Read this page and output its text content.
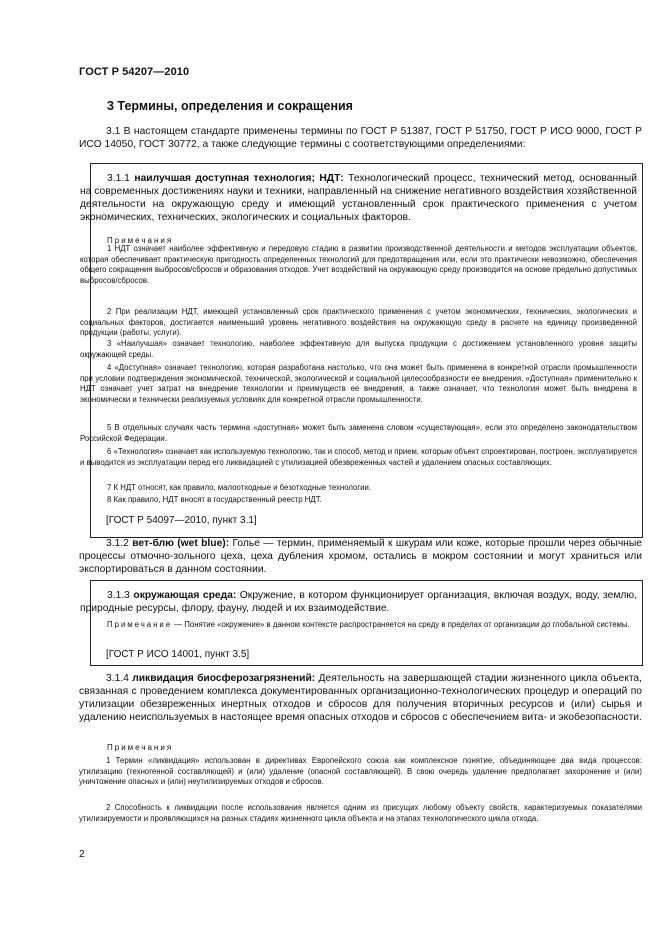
ГОСТ Р 54207—2010
3 Термины, определения и сокращения
3.1 В настоящем стандарте применены термины по ГОСТ Р 51387, ГОСТ Р 51750, ГОСТ Р ИСО 9000, ГОСТ Р ИСО 14050, ГОСТ 30772, а также следующие термины с соответствующими определениями:
3.1.1 наилучшая доступная технология; НДТ: Технологический процесс, технический метод, основанный на современных достижениях науки и техники, направленный на снижение негативного воздействия хозяйственной деятельности на окружающую среду и имеющий установленный срок практического применения с учетом экономических, технических, экологических и социальных факторов.
Примечания
1 НДТ означает наиболее эффективную и передовую стадию в развитии производственной деятельности и методов эксплуатации объектов, которая обеспечивает практическую пригодность определенных технологий для предотвращения или, если это практически невозможно, обеспечения общего сокращения выбросов/сбросов и образования отходов. Учет воздействий на окружающую среду производится на основе предельно допустимых выбросов/сбросов.
2 При реализации НДТ, имеющей установленный срок практического применения с учетом экономических, технических, экологических и социальных факторов, достигается наименьший уровень негативного воздействия на окружающую среду в расчете на единицу произведенной продукции (работы, услуги).
3 «Наилучшая» означает технологию, наиболее эффективную для выпуска продукции с достижением установленного уровня защиты окружающей среды.
4 «Доступная» означает технологию, которая разработана настолько, что она может быть применена в конкретной отрасли промышленности при условии подтверждения экономической, технической, экологической и социальной целесообразности ее внедрения. «Доступная» применительно к НДТ означает учет затрат на внедрение технологии и преимуществ ее внедрения, а также означает, что технология может быть внедрена в экономически и технически реализуемых условиях для конкретной отрасли промышленности.
5 В отдельных случаях часть термина «доступная» может быть заменена словом «существующая», если это определено законодательством Российской Федерации.
6 «Технология» означает как используемую технологию, так и способ, метод и прием, которым объект спроектирован, построен, эксплуатируется и выводится из эксплуатации перед его ликвидацией с утилизацией обезвреженных частей и удалением опасных составляющих.
7 К НДТ относят, как правило, малоотходные и безотходные технологии.
8 Как правило, НДТ вносят в государственный реестр НДТ.
[ГОСТ Р 54097—2010, пункт 3.1]
3.1.2 вет-блю (wet blue): Голье — термин, применяемый к шкурам или коже, которые прошли через обычные процессы отмочно-зольного цеха, цеха дубления хромом, остались в мокром состоянии и могут храниться или экспортироваться в данном состоянии.
3.1.3 окружающая среда: Окружение, в котором функционирует организация, включая воздух, воду, землю, природные ресурсы, флору, фауну, людей и их взаимодействие.
Примечание — Понятие «окружение» в данном контексте распространяется на среду в пределах от организации до глобальной системы.
[ГОСТ Р ИСО 14001, пункт 3.5]
3.1.4 ликвидация биосферозагрязнений: Деятельность на завершающей стадии жизненного цикла объекта, связанная с проведением комплекса документированных организационно-технологических процедур и операций по утилизации обезвреженных инертных отходов и сбросов для получения вторичных ресурсов и (или) сырья и удалению неиспользуемых в настоящее время опасных отходов и сбросов с обеспечением вита- и экобезопасности.
Примечания
1 Термин «ликвидация» использован в директивах Европейского союза как комплексное понятие, объединяющее два вида процессов: утилизацию (техногенной составляющей) и (или) удаление (опасной составляющей). В свою очередь удаление предполагает захоронение и (или) уничтожение опасных и (или) неутилизируемых отходов и сбросов.
2 Способность к ликвидации после использования является одним из присущих любому объекту свойств, характеризуемых показателями утилизируемости и проявляющихся на разных стадиях жизненного цикла объекта и на этапах технологического цикла отхода.
2
